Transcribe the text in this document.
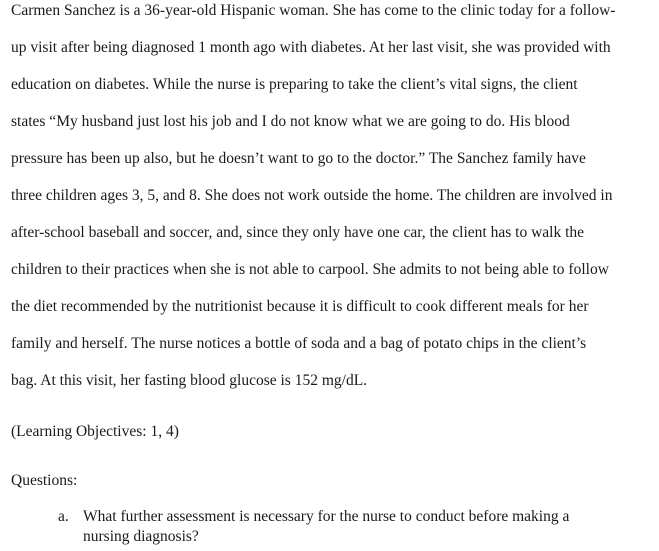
Carmen Sanchez is a 36-year-old Hispanic woman. She has come to the clinic today for a follow-
up visit after being diagnosed 1 month ago with diabetes. At her last visit, she was provided with
education on diabetes. While the nurse is preparing to take the client’s vital signs, the client
states “My husband just lost his job and I do not know what we are going to do. His blood
pressure has been up also, but he doesn’t want to go to the doctor.” The Sanchez family have
three children ages 3, 5, and 8. She does not work outside the home. The children are involved in
after-school baseball and soccer, and, since they only have one car, the client has to walk the
children to their practices when she is not able to carpool. She admits to not being able to follow
the diet recommended by the nutritionist because it is difficult to cook different meals for her
family and herself. The nurse notices a bottle of soda and a bag of potato chips in the client’s
bag. At this visit, her fasting blood glucose is 152 mg/dL.
(Learning Objectives: 1, 4)
Questions:
a. What further assessment is necessary for the nurse to conduct before making a
nursing diagnosis?
